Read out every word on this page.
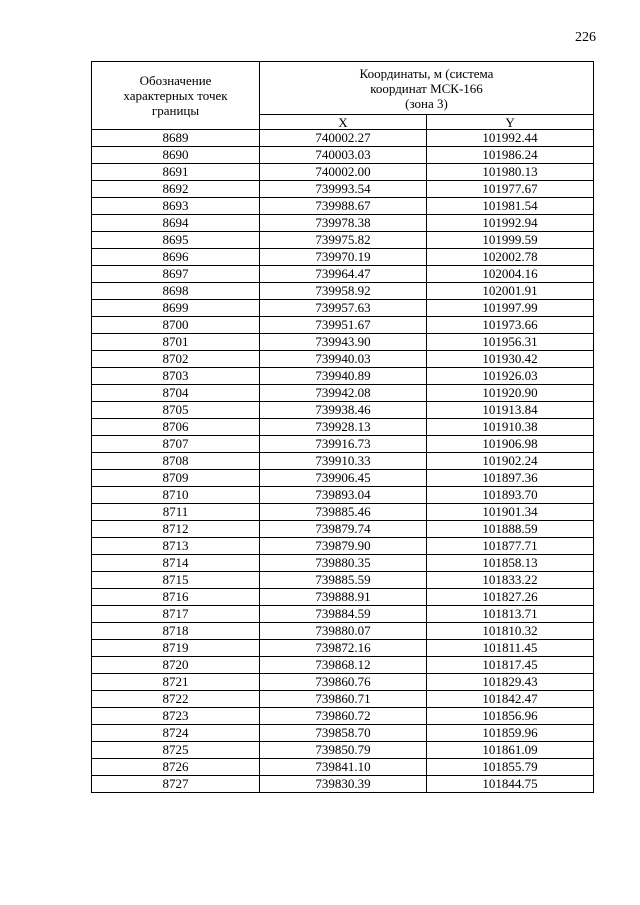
226
Обозначение характерных точек границы	Координаты, м (система координат МСК-166 (зона 3)	
	X	Y
8689	740002.27	101992.44
8690	740003.03	101986.24
8691	740002.00	101980.13
8692	739993.54	101977.67
8693	739988.67	101981.54
8694	739978.38	101992.94
8695	739975.82	101999.59
8696	739970.19	102002.78
8697	739964.47	102004.16
8698	739958.92	102001.91
8699	739957.63	101997.99
8700	739951.67	101973.66
8701	739943.90	101956.31
8702	739940.03	101930.42
8703	739940.89	101926.03
8704	739942.08	101920.90
8705	739938.46	101913.84
8706	739928.13	101910.38
8707	739916.73	101906.98
8708	739910.33	101902.24
8709	739906.45	101897.36
8710	739893.04	101893.70
8711	739885.46	101901.34
8712	739879.74	101888.59
8713	739879.90	101877.71
8714	739880.35	101858.13
8715	739885.59	101833.22
8716	739888.91	101827.26
8717	739884.59	101813.71
8718	739880.07	101810.32
8719	739872.16	101811.45
8720	739868.12	101817.45
8721	739860.76	101829.43
8722	739860.71	101842.47
8723	739860.72	101856.96
8724	739858.70	101859.96
8725	739850.79	101861.09
8726	739841.10	101855.79
8727	739830.39	101844.75
